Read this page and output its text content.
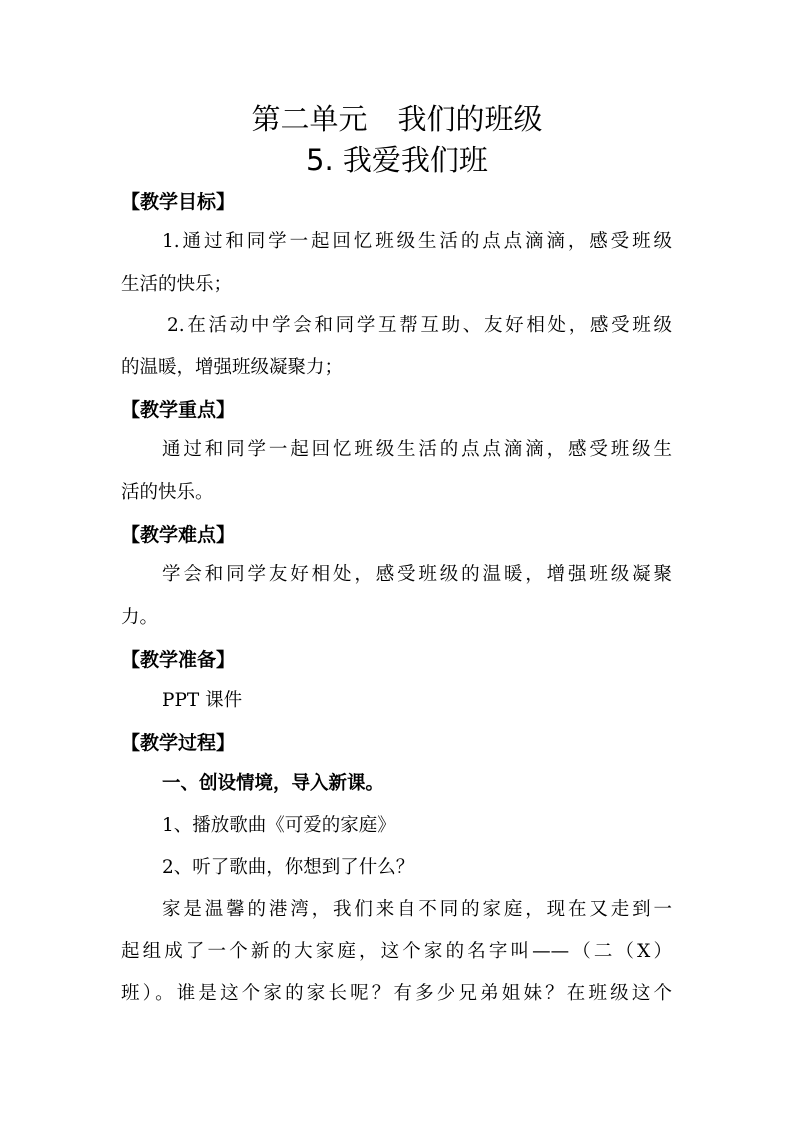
第二单元 我们的班级
5. 我爱我们班
【教学目标】
1.通过和同学一起回忆班级生活的点点滴滴，感受班级
生活的快乐；
2.在活动中学会和同学互帮互助、友好相处，感受班级
的温暖，增强班级凝聚力；
【教学重点】
通过和同学一起回忆班级生活的点点滴滴，感受班级生
活的快乐。
【教学难点】
学会和同学友好相处，感受班级的温暖，增强班级凝聚
力。
【教学准备】
PPT 课件
【教学过程】
一、创设情境，导入新课。
1、播放歌曲《可爱的家庭》
2、听了歌曲，你想到了什么？
家是温馨的港湾，我们来自不同的家庭，现在又走到一
起组成了一个新的大家庭，这个家的名字叫——（二（X）
班）。谁是这个家的家长呢？有多少兄弟姐妹？在班级这个
